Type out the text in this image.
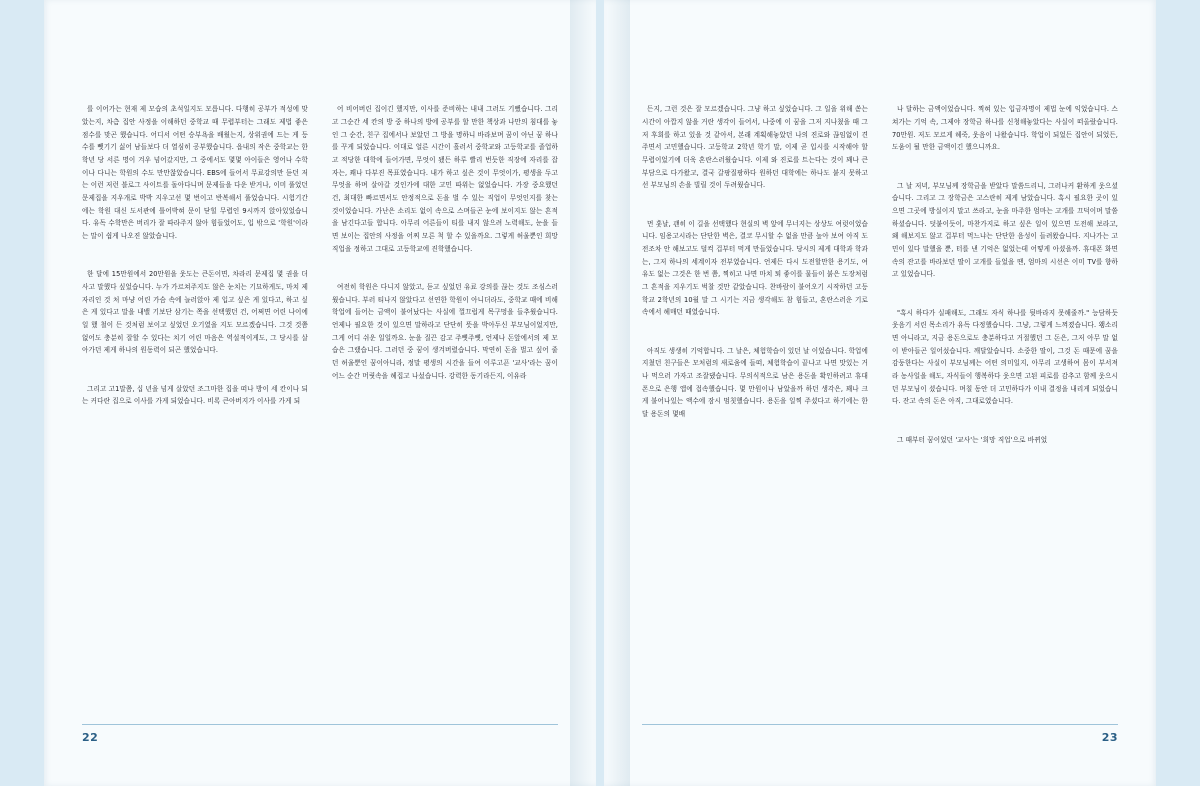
를 이어가는 현재 제 모습의 초석일지도 모릅니다. 다행히 공부가 적성에 맞았는지, 차츰 집안 사정을 이해하던 중학교 때 무렵부터는 그래도 제법 좋은 점수를 맞곤 했습니다. 어디서 어떤 승부욕을 배웠는지, 상위권에 드는 게 등수를 뺏기기 싫어 남들보다 더 열심히 공부했습니다. 읍내의 작은 중학교는 한 학년 당 서른 명이 겨우 넘어갔지만, 그 중에서도 몇몇 아이들은 영어나 수학이나 다니는 학원의 수도 만만찮았습니다. EBS에 들어서 무료강의만 듣던 저는 이런 저런 블로그 사이트를 돌아다니며 문제들을 다운 받거나, 이미 풀었던 문제집을 지우개로 박박 지우고선 몇 번이고 반복해서 풀었습니다. 시험기간에는 학원 대신 도서관에 틀어박혀 문이 닫힐 무렵인 9시까지 앉아있었습니다. 유독 수학만은 버리가 잘 따라주지 않아 힘들었어도, 입 밖으로 '학원'이라는 말이 쉽게 나오진 않았습니다.

한 달에 15만원에서 20만원을 웃도는 큰돈이면, 차라리 문제집 몇 권을 더 사고 말했다 싶었습니다. 누가 가르쳐주지도 않은 눈치는 기묘하게도, 마치 제 자리인 것 처 마냥 어린 가슴 속에 늘러앉아 제 입고 싶은 게 있다고, 하고 싶은 게 있다고 말을 내밸 기보단 삼기는 쪽을 선택했던 건, 어쩌면 어린 나이에 일 했 철이 든 것처럼 보이고 싶었던 오기였을 지도 모르겠습니다. 그것 것쯤 없어도 충분히 잘할 수 있다는 치기 어린 마음은 역설적이게도, 그 당시를 살아가던 제게 하나의 원동력이 되곤 했었습니다.

그리고 고1말쯤, 십 년을 넘게 살았던 조그마한 집을 떠나 방이 세 칸이나 되는 커다란 집으로 이사를 가게 되었습니다. 비록 큰아버지가 이사를 가게 되

어 비어버린 집이긴 했지만, 이사를 준비하는 내내 그러도 기뻤습니다. 그리고 그순간 세 칸의 방 중 하나의 방에 공부를 할 만한 책상과 나만의 침대를 놓인 그 순간, 친구 집에서나 보았던 그 방을 명하니 바라보며 꿈이 아닌 꿈 하나를 꾸게 되었습니다. 이대로 얼른 시간이 흘러서 중학교와 고등학교를 졸업하고 적당한 대학에 들어가면, 무엇이 됐든 하루 빨리 번듯한 직장에 자리를 잡자는, 꽤나 다부진 목표였습니다. 내가 하고 싶은 것이 무엇이가, 평생을 두고 무엇을 하며 살아갈 것인가에 대한 고민 따위는 없었습니다. 가장 중요했던 건, 최대한 빠르면서도 안정적으로 돈을 벌 수 있는 직업이 무엇인지를 찾는 것이었습니다. 가난은 소리도 없이 속으로 스며들곤 눈에 보이지도 않는 흔적을 남긴다고들 합니다. 아무리 어른들이 티를 내지 않으려 노력해도, 눈을 들면 보이는 집안의 사정을 어찌 모른 척 할 수 있을까요. 그렇게 허울뿐인 희망 직업을 정하고 그대로 고등학교에 진학했습니다.

여전히 학원은 다니지 않았고, 듣고 싶었던 유료 강의를 끊는 것도 조심스러웠습니다. 부러 티나지 않았다고 선연한 학원이 아니더라도, 중학교 때에 비해 학업에 들어는 금액이 불어났다는 사실에 껄끄럽게 목구멍을 들추웠습니다. 언제나 필요한 것이 있으면 말하라고 단단히 뜻을 박아두신 부모님이었지만, 그게 어디 쉬운 일일까요. 눈을 질끈 감고 주뼛주뼛, 언제나 돈앞에서의 제 모습은 그랬습니다. 그러던 중 꿈이 생겨버렸습니다. 막연히 돈을 벌고 싶어 줄던 허울뿐인 꿈이아니라, 정말 평생의 시간을 들여 이루고픈 '교사'라는 꿈이 어느 순간 머릿속을 헤집고 나섰습니다. 강력한 동기라든지, 이유라

22

든지, 그런 것은 잘 모르겠습니다. 그냥 하고 싶었습니다. 그 일을 위해 쏟는 시간이 아깝지 않을 거란 생각이 들어서, 나중에 이 꿈을 그저 지나쳤을 때 그저 후회를 하고 있을 것 같아서, 본래 계획해놓았던 나의 진로와 끊임없이 견주면서 고민했습니다. 고등학교 2학년 학기 말, 이제 곧 입시를 시작해야 할 무렵이었기에 더욱 혼란스러웠습니다. 이제 와 진로를 트는다는 것이 꽤나 큰 부담으로 다가왔고, 결국 갈팡질팡하다 원하던 대학에는 하나도 붙지 못하고선 부모님의 손을 빌릴 것이 두려웠습니다.

먼 훗날, 괜히 이 길을 선택했다 현실의 벽 앞에 무너지는 상상도 여럿이었습니다. 임용고시라는 단단한 벽은, 결코 무시할 수 없을 만큼 높아 보여 아직 도전조차 안 해보고도 덜컥 겁부터 먹게 만들었습니다. 당시의 제게 대학과 학과는, 그저 하나의 세계이자 전부였습니다. 언제든 다시 도전할만한 용기도, 여유도 없는 그것은 한 번 쯤, 찍히고 나면 마치 퇴 좋이를 물들이 붉은 도장처럼 그 흔적을 지우기도 벅찰 것만 같았습니다. 찬바람이 불어오기 시작하던 고등학교 2학년의 10월 말 그 시기는 지금 생각해도 참 힘들고, 혼란스러운 기로 속에서 헤매던 때였습니다.

아직도 생생히 기억합니다. 그 날은, 체험학습이 있던 날 이었습니다. 학업에 지쳤던 친구들은 모처럼의 새로움에 들떠, 체험학습이 끝나고 나면 맛있는 거나 먹으러 가자고 조잘댔습니다. 무의식적으로 남은 용돈을 확인하려고 휴대폰으로 은행 앱에 접속했습니다. 몇 만원이나 남았을까 하던 생각은, 꽤나 크게 불어나있는 액수에 잠시 멈칫했습니다. 용돈을 일찍 주셨다고 하기에는 한 달 용돈의 몇배

나 달하는 금액이었습니다. 찍혀 있는 입금자명이 제법 눈에 익었습니다. 스쳐가는 기억 속, 그제야 장학금 하나를 신청해놓았다는 사실이 떠올랐습니다. 70만원. 저도 모르게 헤죽, 웃음이 나왔습니다. 학업이 되었든 집안이 되었든, 도움이 될 만한 금액이긴 했으니까요.

그 날 저녁, 부모님께 장학금을 받았다 말씀드리니, 그러나커 환하게 웃으셨습니다. 그리고 그 장학금은 고스란히 제게 남았습니다. 혹시 필요한 곳이 있으면 그곳에 방실이지 말고 쓰라고, 눈을 마주한 엄마는 고개를 끄덕이며 말씀하셨습니다. 덧붙이듯이, 마찬가지로 하고 싶은 일이 있으면 도전해 보라고, 왜 해보지도 않고 겁부터 먹느냐는 단단한 음성이 들려왔습니다. 지나가는 고민이 있다 말했을 뿐, 터를 낸 기억은 없었는데 어떻게 아셨을까. 휴대폰 화면 속의 잔고를 바라보던 딸이 고개를 들었을 땐, 엄마의 시선은 이미 TV를 향하고 있었습니다.

"혹시 하다가 실패해도, 그래도 자식 하나를 뒷바라지 못해줄까." 능담하듯 웃음기 서린 목소리가 유독 다정했습니다. 그냥, 그렇게 느껴졌습니다. 왱소리면 아니라고, 지금 용돈으로도 충분하다고 거절했던 그 돈은, 그저 아무 말 없이 받아들곤 일어섰습니다. 깨달았습니다. 소중한 딸이, 그것 돈 때문에 꿈을 감둥한다는 사실이 부모님께는 어떤 의미일지, 아무리 고생하여 몸이 부서져라 농사일을 해도, 자식들이 행복하다 웃으면 고된 피로를 감추고 함께 웃으시던 부모님이 셨습니다. 며칠 동안 더 고민하다가 이내 결정을 내리게 되었습니다. 잔고 속의 돈은 아직, 그대로였습니다.

그 때부터 꿈이었던 '교사'는 '희망 직업'으로 바뀌었

23
